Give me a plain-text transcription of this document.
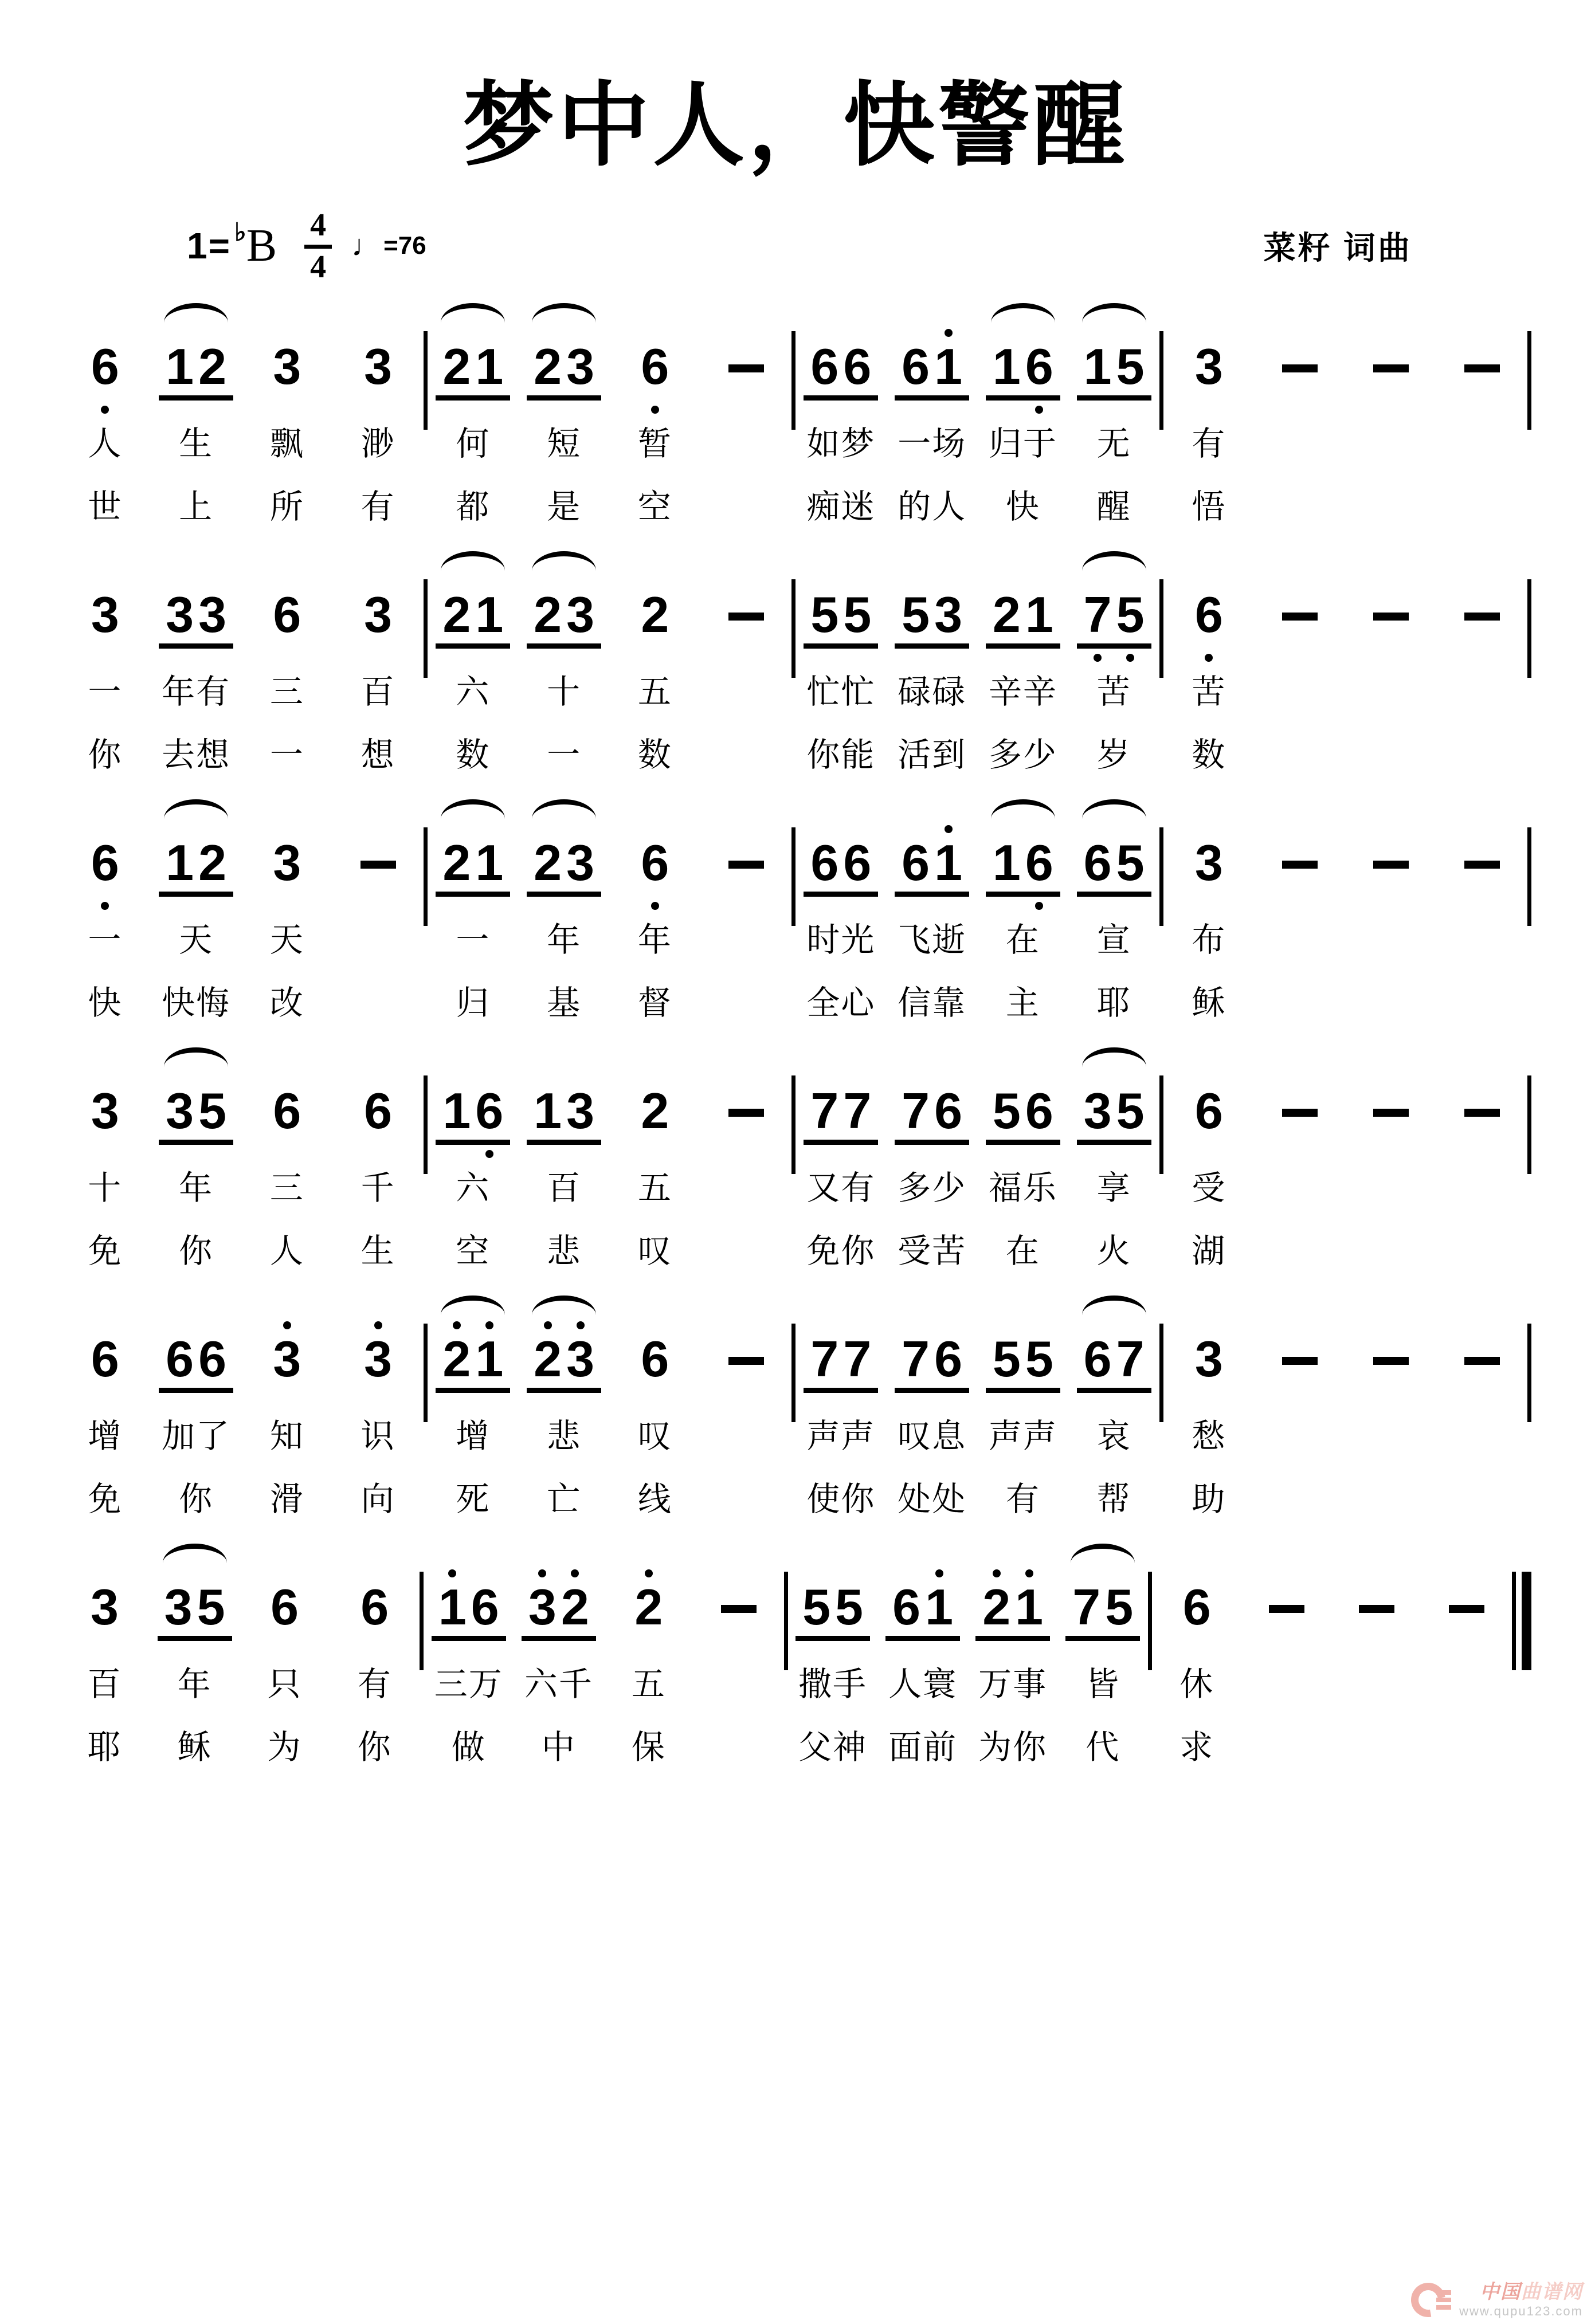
梦中人，快警醒
1= ♭ B $\frac{4}{4}$ ♩ =76	菜籽 词曲
6
人
世
1 2
生
上
3
飘
所
3
渺
有
2 1
何
都
2 3
短
是
6
暂
空
6 6
如梦
痴迷
6 1
一场
的人
1 6
归于
快
1 5
无
醒
3
有
悟
3
一
你
3 3
年有
去想
6
三
一
3
百
想
2 1
六
数
2 3
十
一
2
五
数
5 5
忙忙
你能
5 3
碌碌
活到
2 1
辛辛
多少
7 5
苦
岁
6
苦
数
6
一
快
1 2
天
快悔
3
天
改
2 1
一
归
2 3
年
基
6
年
督
6 6
时光
全心
6 1
飞逝
信靠
1 6
在
主
6 5
宣
耶
3
布
稣
3
十
免
3 5
年
你
6
三
人
6
千
生
1 6
六
空
1 3
百
悲
2
五
叹
7 7
又有
免你
7 6
多少
受苦
5 6
福乐
在
3 5
享
火
6
受
湖
6
增
免
6 6
加了
你
3
知
滑
3
识
向
2 1
增
死
2 3
悲
亡
6
叹
线
7 7
声声
使你
7 6
叹息
处处
5 5
声声
有
6 7
哀
帮
3
愁
助
3
百
耶
3 5
年
稣
6
只
为
6
有
你
1 6
三万
做
3 2
六千
中
2
五
保
5 5
撒手
父神
6 1
人寰
面前
2 1
万事
为你
7 5
皆
代
6
休
求
中国曲谱网
www.qupu123.com
